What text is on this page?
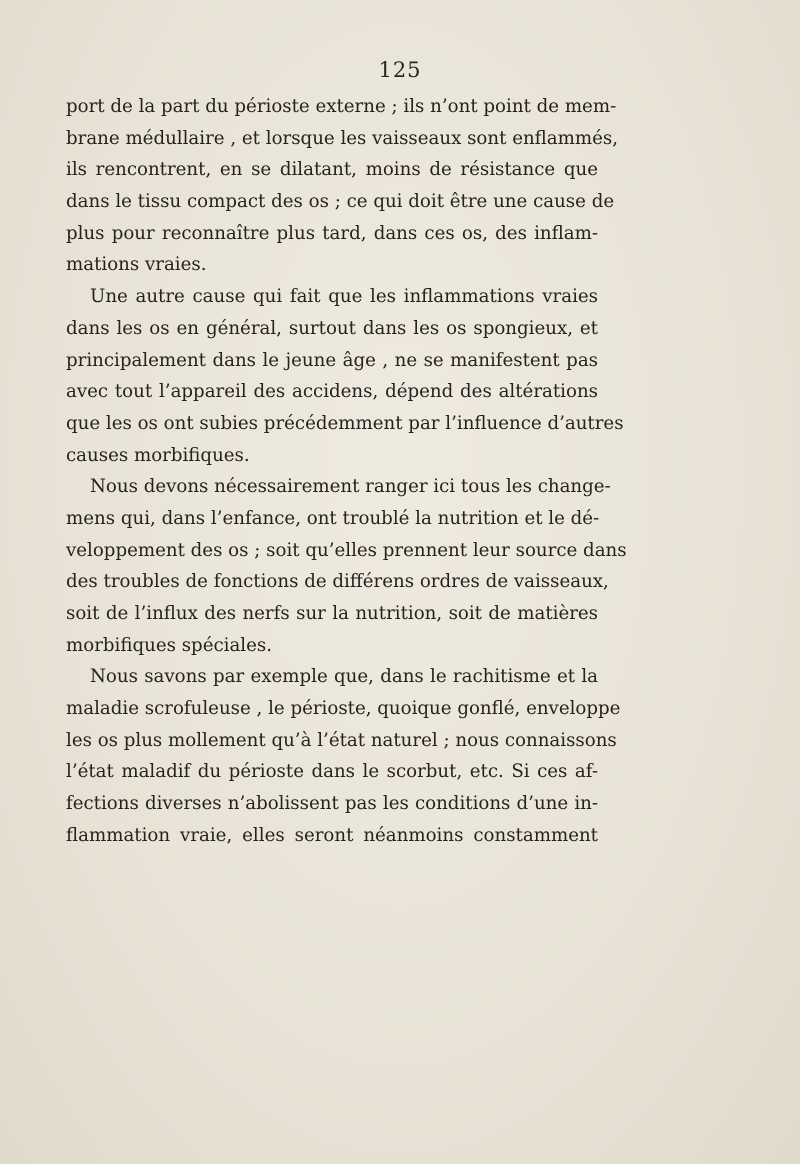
125
port de la part du périoste externe ; ils n’ont point de mem-
brane médullaire , et lorsque les vaisseaux sont enflammés,
ils rencontrent, en se dilatant, moins de résistance que
dans le tissu compact des os ; ce qui doit être une cause de
plus pour reconnaître plus tard, dans ces os, des inflam-
mations vraies.
Une autre cause qui fait que les inflammations vraies
dans les os en général, surtout dans les os spongieux, et
principalement dans le jeune âge , ne se manifestent pas
avec tout l’appareil des accidens, dépend des altérations
que les os ont subies précédemment par l’influence d’autres
causes morbifiques.
Nous devons nécessairement ranger ici tous les change-
mens qui, dans l’enfance, ont troublé la nutrition et le dé-
veloppement des os ; soit qu’elles prennent leur source dans
des troubles de fonctions de différens ordres de vaisseaux,
soit de l’influx des nerfs sur la nutrition, soit de matières
morbifiques spéciales.
Nous savons par exemple que, dans le rachitisme et la
maladie scrofuleuse , le périoste, quoique gonflé, enveloppe
les os plus mollement qu’à l’état naturel ; nous connaissons
l’état maladif du périoste dans le scorbut, etc. Si ces af-
fections diverses n’abolissent pas les conditions d’une in-
flammation vraie, elles seront néanmoins constamment
